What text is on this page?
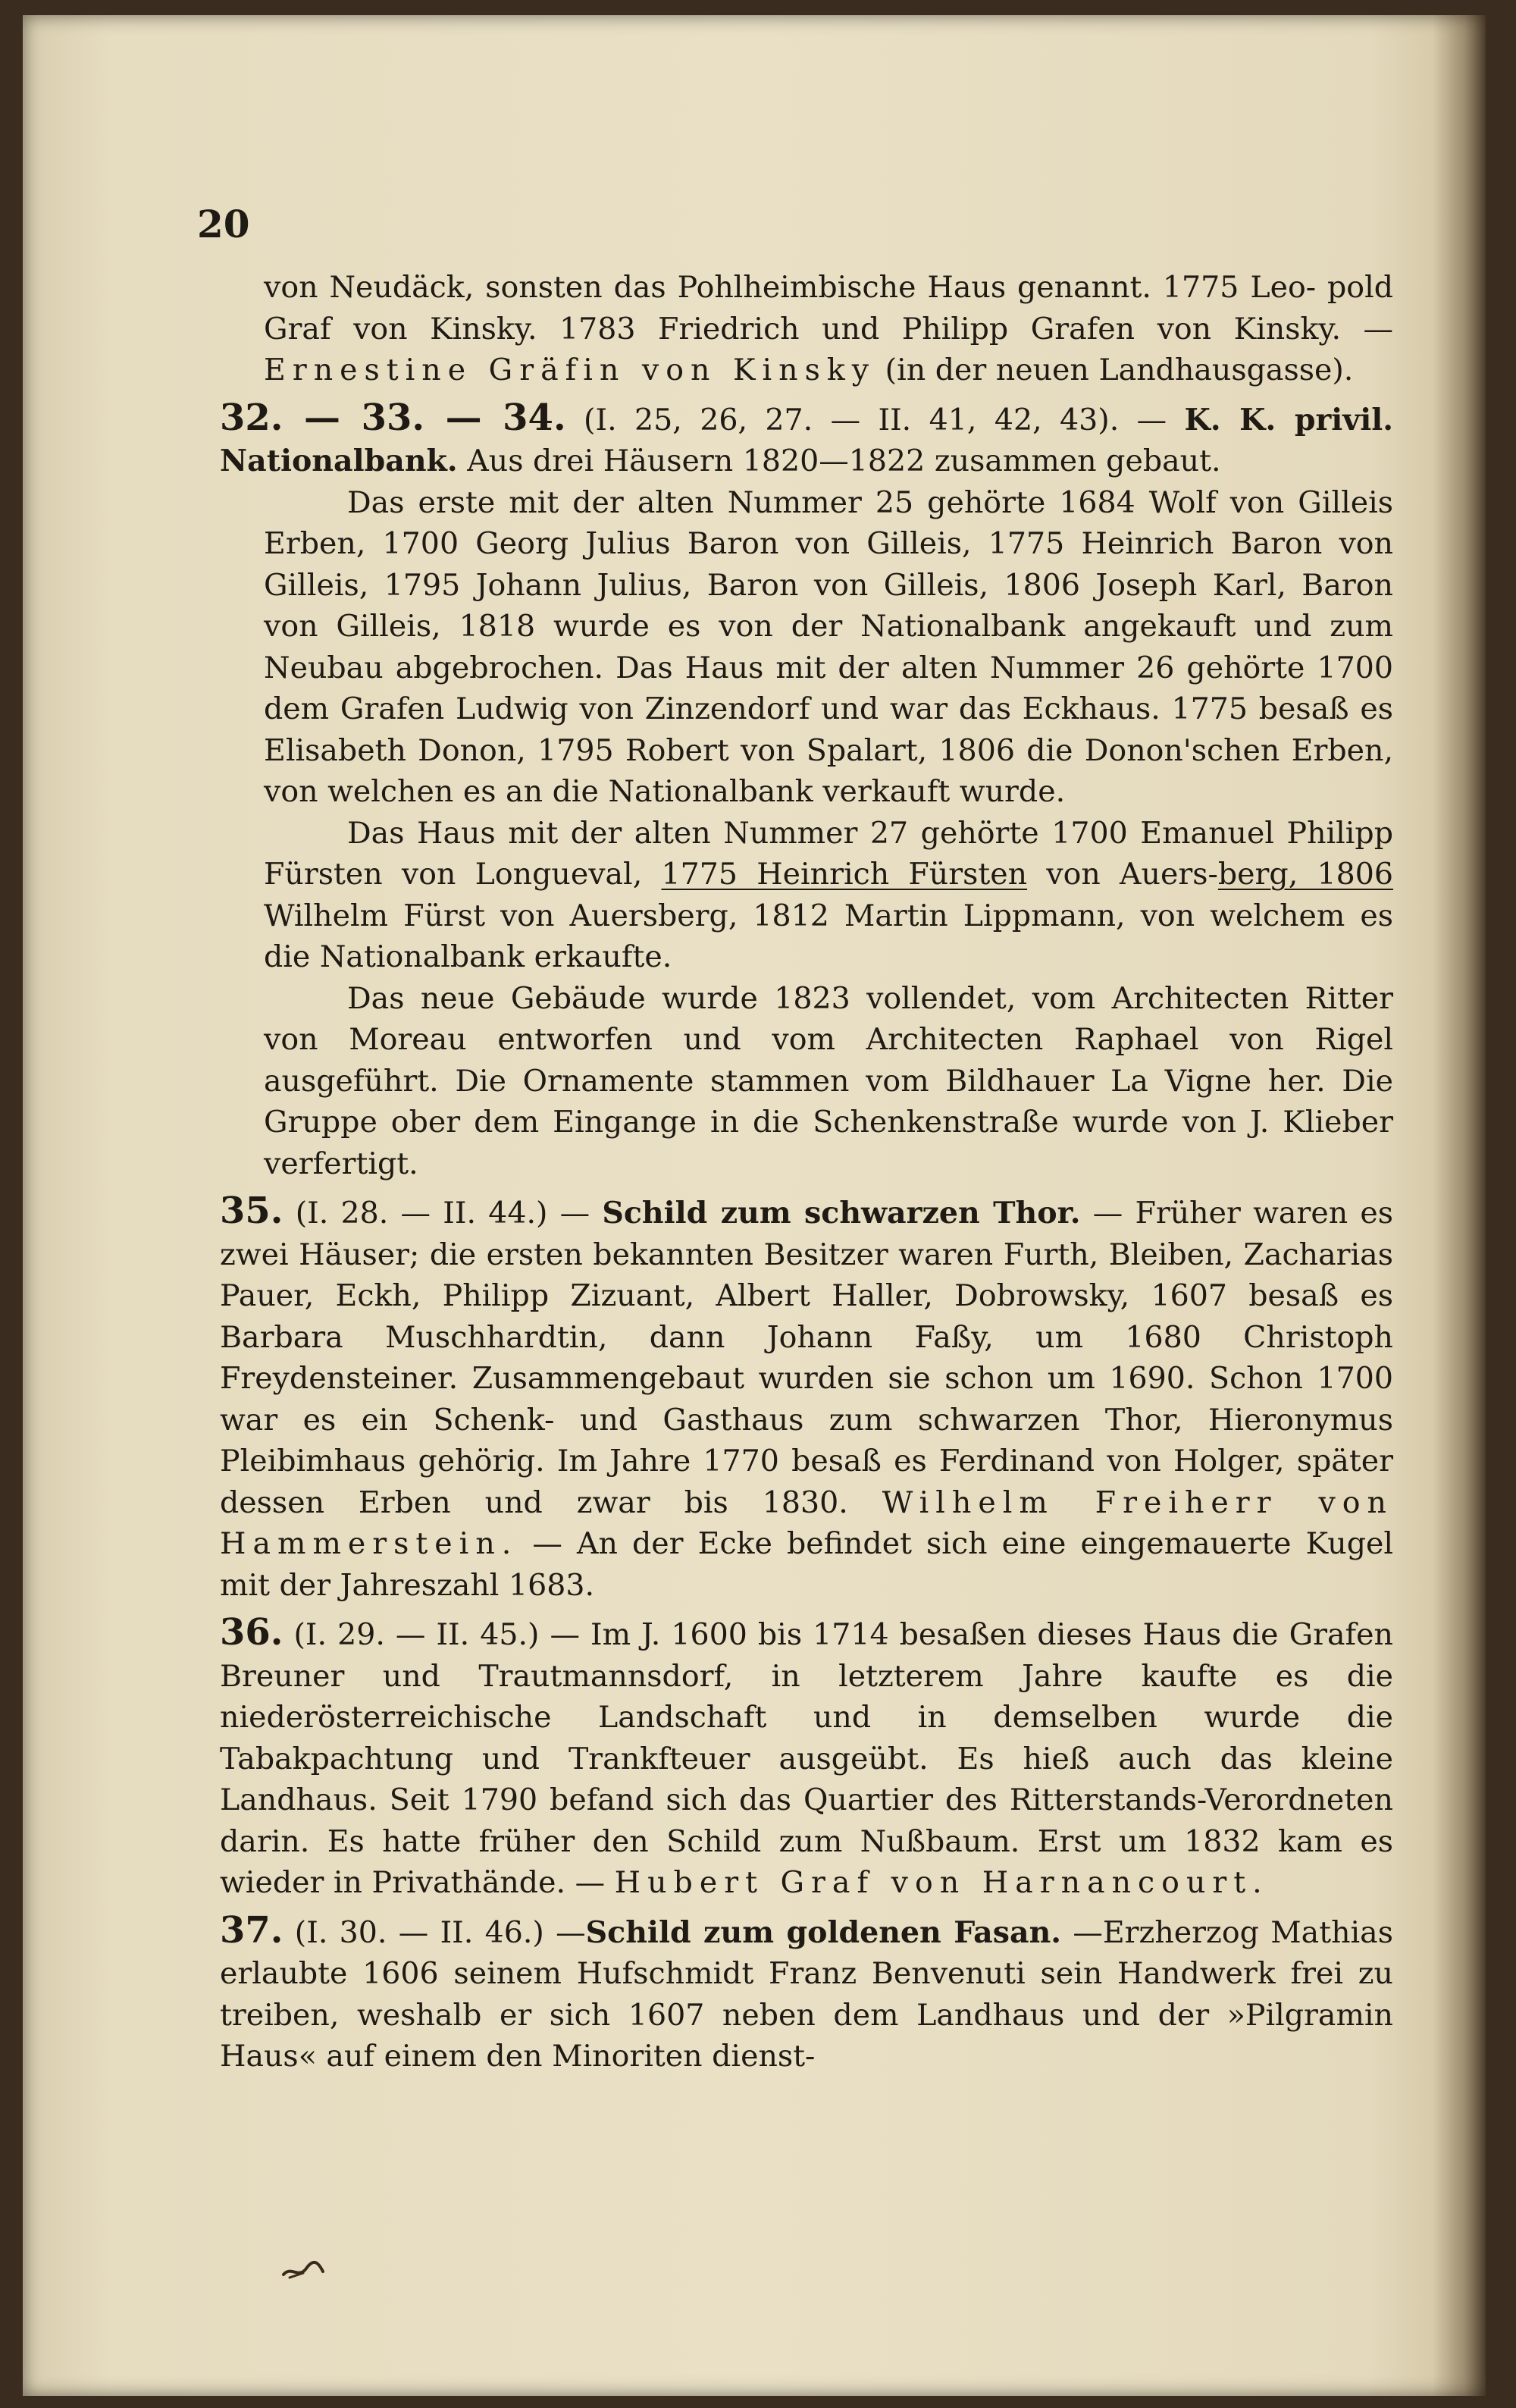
20

von Neudäck, sonsten das Pohlheimbische Haus genannt. 1775 Leo- pold Graf von Kinsky. 1783 Friedrich und Philipp Grafen von Kinsky. — Ernestine Gräfin von Kinsky (in der neuen Landhausgasse).

32. — 33. — 34. (I. 25, 26, 27. — II. 41, 42, 43). — K. K. privil. Nationalbank. Aus drei Häusern 1820—1822 zusammen gebaut.

Das erste mit der alten Nummer 25 gehörte 1684 Wolf von Gilleis Erben, 1700 Georg Julius Baron von Gilleis, 1775 Heinrich Baron von Gilleis, 1795 Johann Julius, Baron von Gilleis, 1806 Joseph Karl, Baron von Gilleis, 1818 wurde es von der Nationalbank angekauft und zum Neubau abgebrochen. Das Haus mit der alten Nummer 26 gehörte 1700 dem Grafen Ludwig von Zinzendorf und war das Eckhaus. 1775 besaß es Elisabeth Donon, 1795 Robert von Spalart, 1806 die Donon'schen Erben, von welchen es an die Nationalbank verkauft wurde.

Das Haus mit der alten Nummer 27 gehörte 1700 Emanuel Philipp Fürsten von Longueval, 1775 Heinrich Fürsten von Auers-berg, 1806 Wilhelm Fürst von Auersberg, 1812 Martin Lippmann, von welchem es die Nationalbank erkaufte.

Das neue Gebäude wurde 1823 vollendet, vom Architecten Ritter von Moreau entworfen und vom Architecten Raphael von Rigel ausgeführt. Die Ornamente stammen vom Bildhauer La Vigne her. Die Gruppe ober dem Eingange in die Schenkenstraße wurde von J. Klieber verfertigt.

35. (I. 28. — II. 44.) — Schild zum schwarzen Thor. — Früher waren es zwei Häuser; die ersten bekannten Besitzer waren Furth, Bleiben, Zacharias Pauer, Eckh, Philipp Zizuant, Albert Haller, Dobrowsky, 1607 besaß es Barbara Muschhardtin, dann Johann Faßy, um 1680 Christoph Freydensteiner. Zusammengebaut wurden sie schon um 1690. Schon 1700 war es ein Schenk- und Gasthaus zum schwarzen Thor, Hieronymus Pleibimhaus gehörig. Im Jahre 1770 besaß es Ferdinand von Holger, später dessen Erben und zwar bis 1830. Wilhelm Freiherr von Hammerstein. — An der Ecke befindet sich eine eingemauerte Kugel mit der Jahreszahl 1683.

36. (I. 29. — II. 45.) — Im J. 1600 bis 1714 besaßen dieses Haus die Grafen Breuner und Trautmannsdorf, in letzterem Jahre kaufte es die niederösterreichische Landschaft und in demselben wurde die Tabakpachtung und Trankfteuer ausgeübt. Es hieß auch das kleine Landhaus. Seit 1790 befand sich das Quartier des Ritterstands-Verordneten darin. Es hatte früher den Schild zum Nußbaum. Erst um 1832 kam es wieder in Privathände. — Hubert Graf von Harnancourt.

37. (I. 30. — II. 46.) —Schild zum goldenen Fasan. —Erzherzog Mathias erlaubte 1606 seinem Hufschmidt Franz Benvenuti sein Handwerk frei zu treiben, weshalb er sich 1607 neben dem Landhaus und der »Pilgramin Haus« auf einem den Minoriten dienst-
